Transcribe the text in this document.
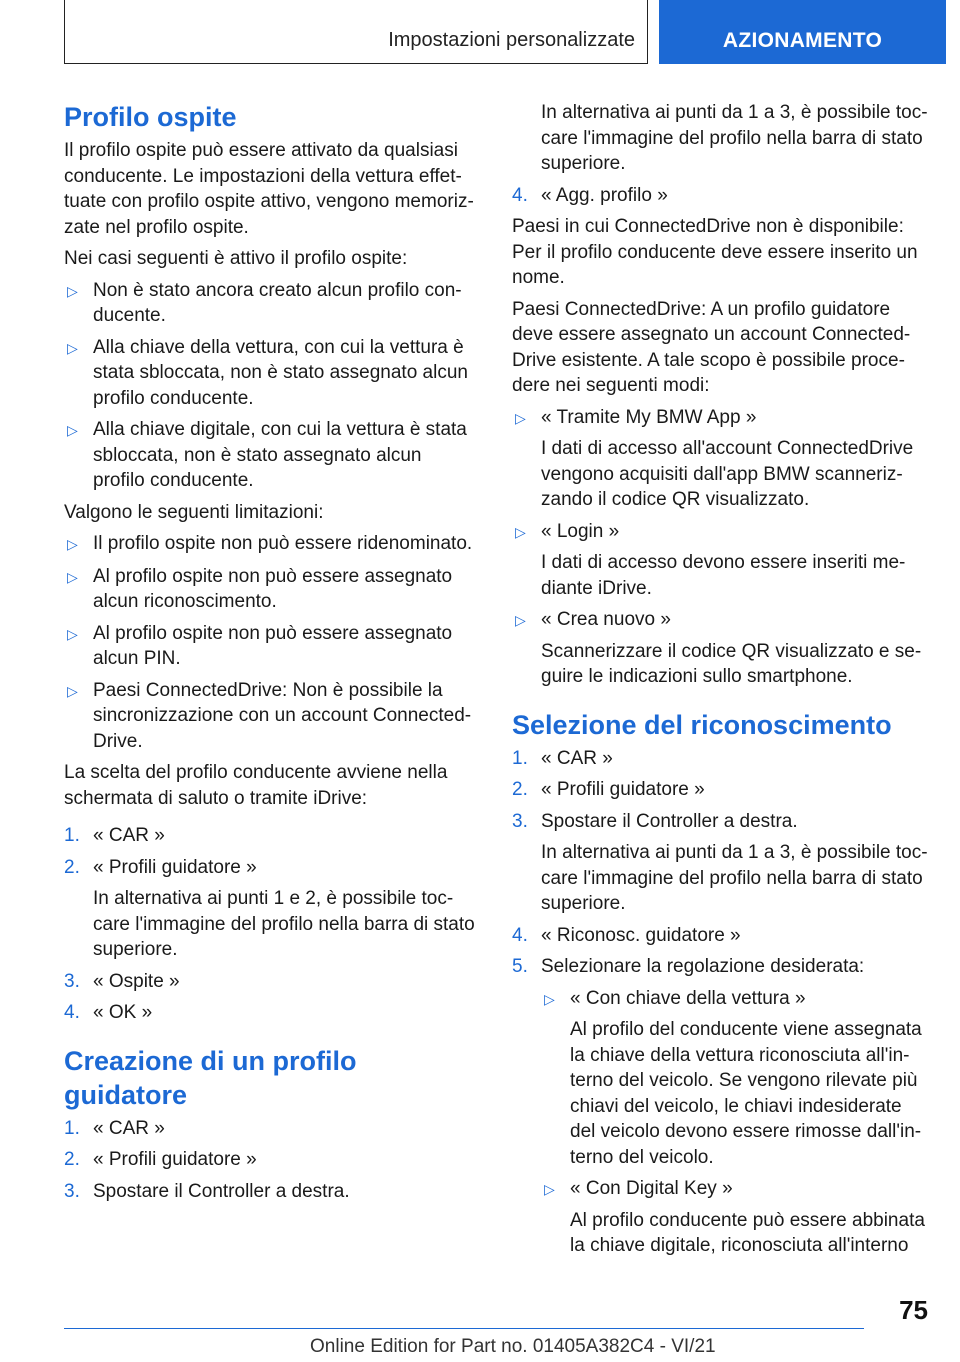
Impostazioni personalizzate	AZIONAMENTO
Profilo ospite

Il profilo ospite può essere attivato da qualsiasi conducente. Le impostazioni della vettura effettuate con profilo ospite attivo, vengono memorizzate nel profilo ospite.

Nei casi seguenti è attivo il profilo ospite:

▷ Non è stato ancora creato alcun profilo conducente.
▷ Alla chiave della vettura, con cui la vettura è stata sbloccata, non è stato assegnato alcun profilo conducente.
▷ Alla chiave digitale, con cui la vettura è stata sbloccata, non è stato assegnato alcun profilo conducente.

Valgono le seguenti limitazioni:

▷ Il profilo ospite non può essere ridenominato.
▷ Al profilo ospite non può essere assegnato alcun riconoscimento.
▷ Al profilo ospite non può essere assegnato alcun PIN.
▷ Paesi ConnectedDrive: Non è possibile la sincronizzazione con un account ConnectedDrive.

La scelta del profilo conducente avviene nella schermata di saluto o tramite iDrive:

1. « CAR »
2. « Profili guidatore »

In alternativa ai punti 1 e 2, è possibile toccare l'immagine del profilo nella barra di stato superiore.

3. « Ospite »
4. « OK »
Creazione di un profilo guidatore
1. « CAR »
2. « Profili guidatore »
3. Spostare il Controller a destra.
In alternativa ai punti da 1 a 3, è possibile toccare l'immagine del profilo nella barra di stato superiore.
4. « Agg. profilo »

Paesi in cui ConnectedDrive non è disponibile: Per il profilo conducente deve essere inserito un nome.

Paesi ConnectedDrive: A un profilo guidatore deve essere assegnato un account ConnectedDrive esistente. A tale scopo è possibile procedere nei seguenti modi:

▷ « Tramite My BMW App »

I dati di accesso all'account ConnectedDrive vengono acquisiti dall'app BMW scannerizzando il codice QR visualizzato.

▷ « Login »

I dati di accesso devono essere inseriti mediante iDrive.

▷ « Crea nuovo »

Scannerizzare il codice QR visualizzato e seguire le indicazioni sullo smartphone.

Selezione del riconoscimento
1. « CAR »
2. « Profili guidatore »
3. Spostare il Controller a destra.

In alternativa ai punti da 1 a 3, è possibile toccare l'immagine del profilo nella barra di stato superiore.

4. « Riconosc. guidatore »
5. Selezionare la regolazione desiderata:

▷ « Con chiave della vettura »

Al profilo del conducente viene assegnata la chiave della vettura riconosciuta all'interno del veicolo. Se vengono rilevate più chiavi del veicolo, le chiavi indesiderate del veicolo devono essere rimosse dall'interno del veicolo.

▷ « Con Digital Key »

Al profilo conducente può essere abbinata la chiave digitale, riconosciuta all'interno

75
Online Edition for Part no. 01405A382C4 - VI/21
